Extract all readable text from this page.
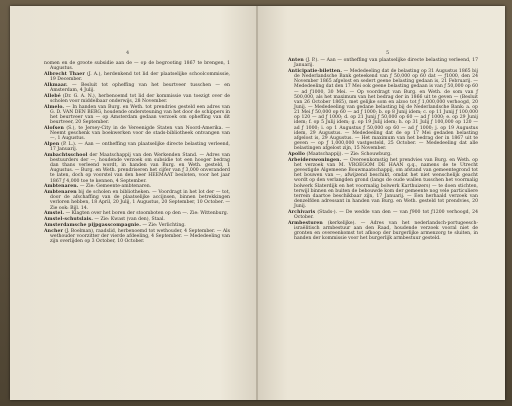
4
nomen en de groote subsidie aan de — op de begrooting 1867 te brengen, 1 Augustus.
Albrecht Thaer (J. A.), herdenkend tot lid der plaatselijke schoolcommissie, 19 December.
Alkmaar. — Besluit tot opheffing van het beurtveer tusschen — en Amsterdam, 4 Julij.
Allebé (Dr. G. A. N.), herbenoemd tot lid der kommissie van toezigt over de scholen voor middelbaar onderwijs, 28 November.
Almelo. — In handen van Burg. en Weth. tot prendries gesteld een adres van G. D. VAN DEN BERG, houdende ondersteuning van het door de schippers in het beurtveer van — op Amsterdam gedaan verzoek om opheffing van dit beurtveer, 20 September.
Alofsen (S.), te Jersey-City in de Vereenigde Staten van Noord-Amerika. — Neemt geschenk van boekwerken voor de stads-bibliotheek ontvangen van —, 1 Augustus.
Alpen (P. L.). — Aan — ontheffing van plaatselijke directe belasting verleend, 17 Januarij.
Ambachtsschool der Maatschappij van den Werkenden Stand. — Adres van bestuurders der —, houdende verzoek om subsidie tot een hooger bedrag dan thans verleend wordt, in handen van Burg. en Weth. gesteld, 1 Augustus. — Burg. en Weth. prendriseren het cijfer van ƒ 3,000 onveranderd te laten, doch op voorstel van den heer HEEMAAT besloten, voor het jaar 1867 ƒ 4,000 toe te kennen, 4 September.
Ambtenaren. — Zie: Gemeente-ambtenaren.
Ambtenaren bij de scholen en bibliotheken. — Voordragt in het lot der — tot, door de afschaffing van de plaatselijke accijnsen, binnen betrekkingen verloren hebben, 18 April, 20 Julij, 1 Augustus, 20 September, 10 October. — Zie ook: Bijl. 14.
Amstel. — Klagten over het boren der stoomboten op den —. Zie: Wittenburg.
Amstel-schutslais. — Zie: Kwast (van den), Staal.
Amsterdamsche pijpgasscompagnie. — Zie: Verlichting.
Ancher (J. Boelman), raadslid, herbenoemd tot wethouder, 4 September. — Als wethouder voorzitter der vierde afdeeling, 4 September. — Mededeeling van zijn overlijden op 3 October, 10 October.
5
Anten (J. P.). — Aan — ontheffing van plaatselijke directe belasting verleend, 17 Januarij.
Anticipatie-biletten. — Mededeeling dat de belasting op 31 Augustus 1865 bij de Nederlandsche Bank geteekend van ƒ 50,000 op 60 dat — ƒ1000, den 24 November 1865 afgelost en sedert geene belasting gedaan is, 21 Februarij. — Mededeeling dat den 17 Mei ook geene belasting gedaan is van ƒ 50,000 op 60 — ad ƒ1000, 30 Mei. — Op voordragt van Burg. en Weth. de som van ƒ 500,000, als het maximum van het bedrag der in 1866 uit te geven — (Besluit van 26 October 1865), met gelijke som en alzoo tot ƒ 1,000,000 verhoogd, 20 Junij. — Mededeeling van gedane belasting bij de Nederlandsche Bank: a. op 21 Mei ƒ 50,000 op 60 — ad ƒ 1000; b. op 8 Junij idem; c. op 11 Junij ƒ 100,000 op 120 — ad ƒ 1000; d. op 21 Junij ƒ 50,000 op 60 — ad ƒ 1000; e. op 29 Junij idem; f. op 5 Julij idem; g. op 19 Julij idem; h. op 31 Julij ƒ 100,000 op 120 — ad ƒ 1000; i. op 1 Augustus ƒ 50,000 op 60 — ad ƒ 1000; j. op 19 Augustus idem, 29 Augustus. — Mededeeling dat de op 17 Mei gedaden belasting afgelost is, 29 Augustus. — Het maximum van het bedrag der in 1867 uit te geven — op ƒ 1,000,000 vastgesteld, 25 October. — Mededeeling dat alle belastingen afgelost zijn, 15 November.
Apollo (Maatschappij). — Zie: Schouwburg.
Arbeiderswoningen. — Overeenkomstig het prendvies van Burg. en Weth. op het verzoek van M. VROEGOM DE HAAN q.q., namens de te Utrecht gevestigde Algemeene Bouwmaatschappij, om afstand van gemeentegrond tot het bouwen van —, afwijzend beschikt, omdat het niet wenschelijk geacht wordt op den verlangden grond (langs de oude wallen tusschen het voormalig bolwerk Slaterdijk en het voormalig bolwerk Karthuizers) — te doen stichten, terwijl binnen en buiten de bebouwde kom der gemeente nog vele particuliere terrein daartoe beschikbaar zijn, 17 Januarij. — Een herhaald verzoek van denzelfden adressant in handen van Burg. en Weth. gesteld tot prendvies, 20 Junij.
Archivaris (Stads-). — De wedde van den — van ƒ900 tot ƒ1200 verhoogd, 24 October.
Armbesturen (kerkelijke). — Adres van het nederlandsch-portugeesch-israëlitisch armbestuur aan den Raad, houdende verzoek vooral niet de gronten en overeenkomst tot afkoop der burgerlijke armenzorg te sluiten, in handen der kommissie voor het burgerlijk armbestuur gesteld.
